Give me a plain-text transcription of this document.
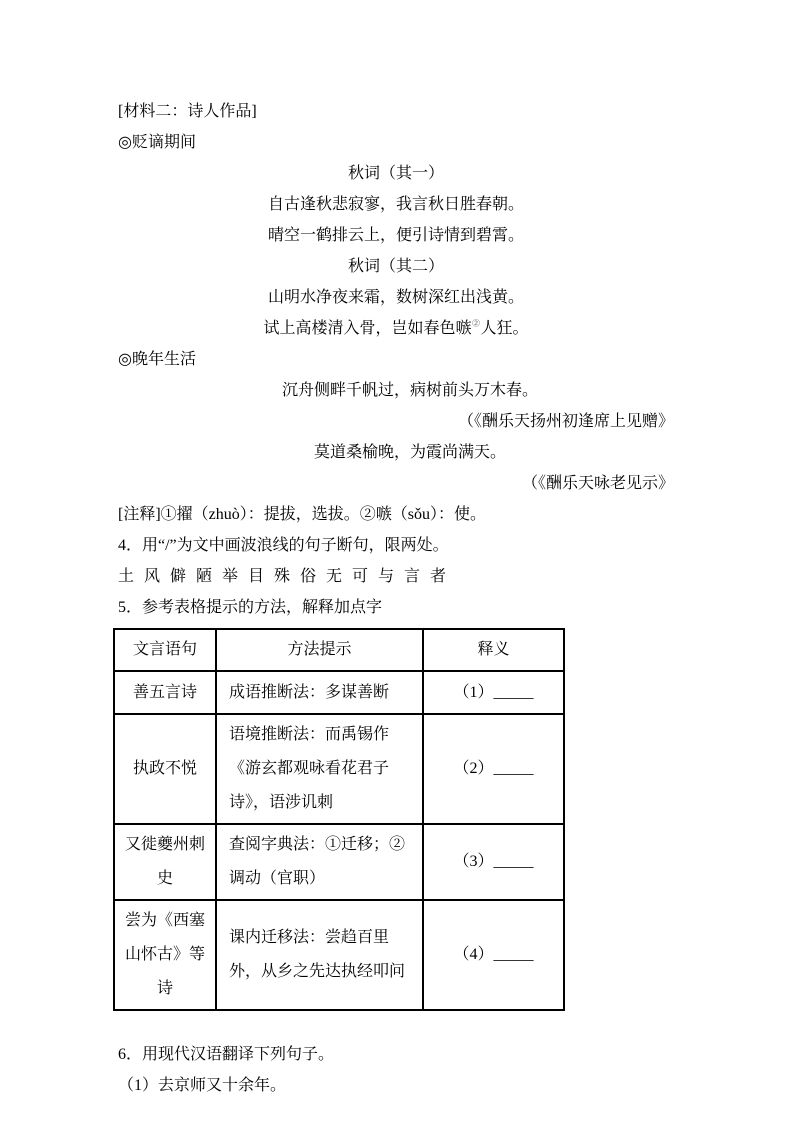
[材料二：诗人作品]

◎贬谪期间

秋词（其一）

自古逢秋悲寂寥，我言秋日胜春朝。

晴空一鹤排云上，便引诗情到碧霄。

秋词（其二）

山明水净夜来霜，数树深红出浅黄。

试上高楼清入骨，岂如春色嗾②人狂。

◎晚年生活

沉舟侧畔千帆过，病树前头万木春。

（《酬乐天扬州初逢席上见赠》

莫道桑榆晚，为霞尚满天。

（《酬乐天咏老见示》

[注释]①擢（zhuò）：提拔，选拔。②嗾（sǒu）：使。

4．用“/”为文中画波浪线的句子断句，限两处。

土 风 僻 陋 举 目 殊 俗 无 可 与 言 者

5．参考表格提示的方法，解释加点字

文言语句	方法提示	释义
善五言诗	成语推断法：多谋善断	（1）_____
执政不悦	语境推断法：而禹锡作《游玄都观咏看花君子诗》，语涉讥刺	（2）_____
又徙夔州刺史	查阅字典法：①迁移；②调动（官职）	（3）_____
尝为《西塞山怀古》等诗	课内迁移法：尝趋百里外，从乡之先达执经叩问	（4）_____

6．用现代汉语翻译下列句子。

（1）去京师又十余年。
